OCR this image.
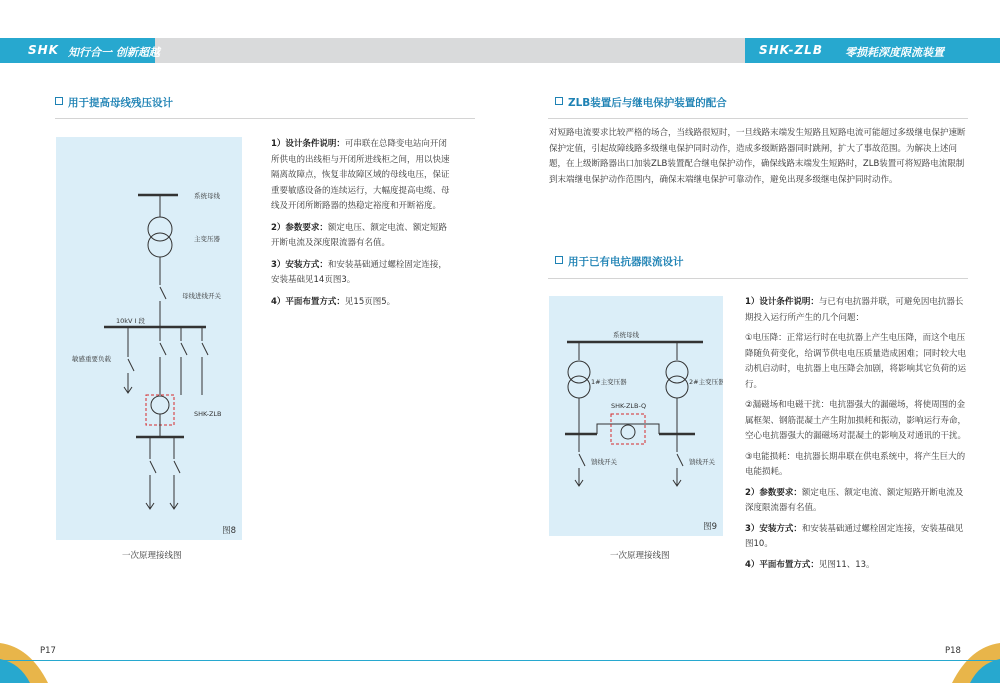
SHK 知行合一 创新超越	SHK-ZLB 零损耗深度限流装置
用于提高母线残压设计
系统母线
主变压器
母线进线开关
10kV I 段
敏感重要负载
SHK-ZLB
图8
一次原理接线图

1）设计条件说明：可串联在总降变电站向开闭所供电的出线柜与开闭所进线柜之间，用以快速隔离故障点，恢复非故障区域的母线电压，保证重要敏感设备的连续运行，大幅度提高电缆、母线及开闭所断路器的热稳定裕度和开断裕度。

2）参数要求：额定电压、额定电流、额定短路开断电流及深度限流器有名值。

3）安装方式：和安装基础通过螺栓固定连接，安装基础见14页图3。

4）平面布置方式：见15页图5。

ZLB装置后与继电保护装置的配合
对短路电流要求比较严格的场合，当线路很短时，一旦线路末端发生短路且短路电流可能超过多级继电保护速断保护定值，引起故障线路多级继电保护同时动作，造成多级断路器同时跳闸，扩大了事故范围。为解决上述问题，在上级断路器出口加装ZLB装置配合继电保护动作，确保线路末端发生短路时，ZLB装置可将短路电流限制到末端继电保护动作范围内，确保末端继电保护可靠动作，避免出现多级继电保护同时动作。
用于已有电抗器限流设计
系统母线
1#主变压器	2#主变压器
SHK-ZLB-Q
馈线开关	馈线开关
图9
一次原理接线图

1）设计条件说明：与已有电抗器并联，可避免因电抗器长期投入运行所产生的几个问题：

①电压降：正常运行时在电抗器上产生电压降，而这个电压降随负荷变化，给调节供电电压质量造成困难；同时较大电动机启动时，电抗器上电压降会加剧，将影响其它负荷的运行。

②漏磁场和电磁干扰：电抗器强大的漏磁场，将使周围的金属框架、钢筋混凝土产生附加损耗和振动，影响运行寿命，空心电抗器强大的漏磁场对混凝土的影响及对通讯的干扰。

③电能损耗：电抗器长期串联在供电系统中，将产生巨大的电能损耗。

2）参数要求：额定电压、额定电流、额定短路开断电流及深度限流器有名值。

3）安装方式：和安装基础通过螺栓固定连接，安装基础见图10。

4）平面布置方式：见图11、13。

P17	P18
